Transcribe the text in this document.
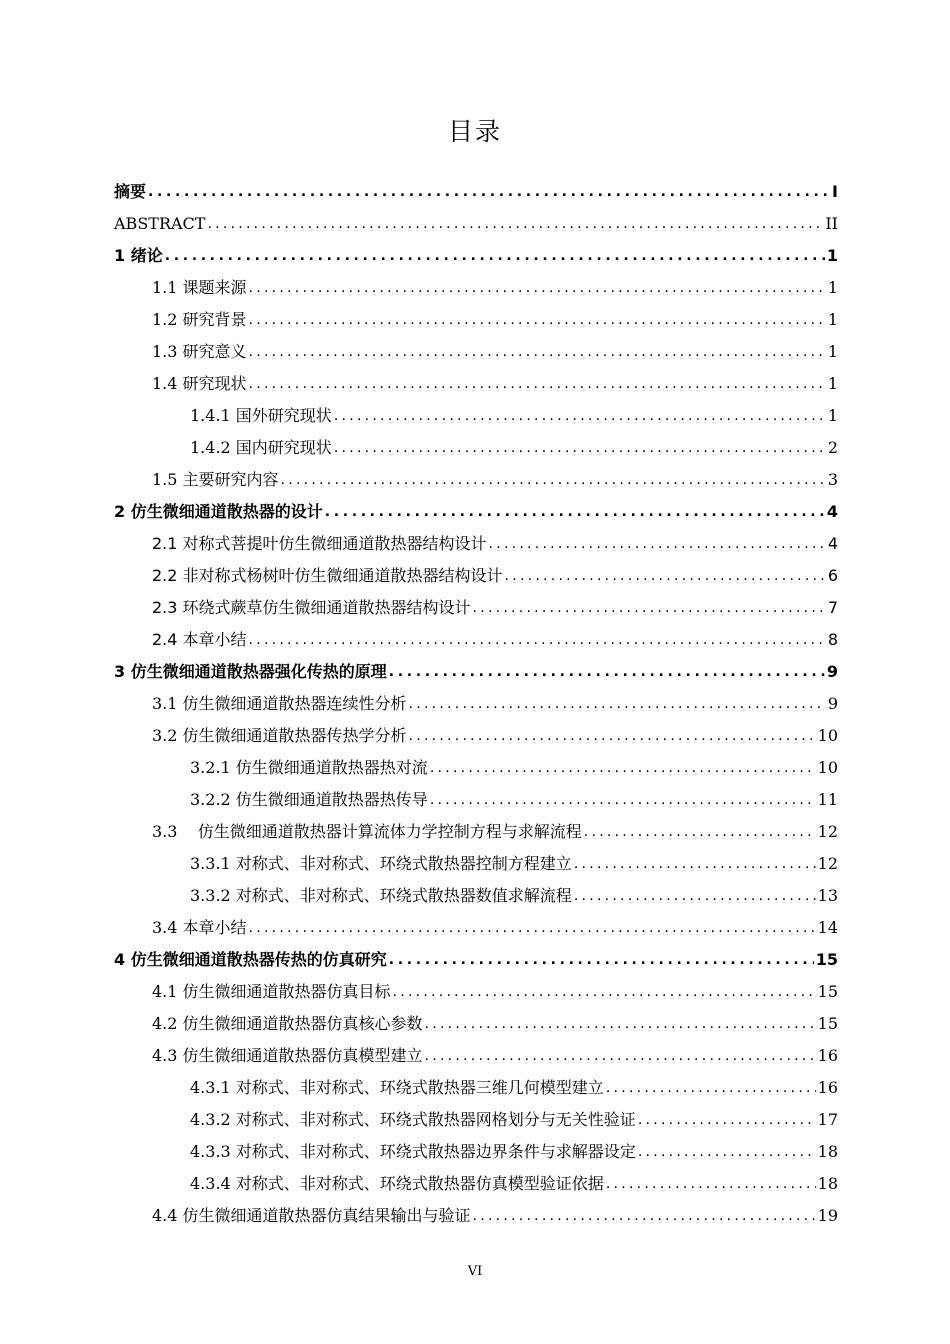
目录
摘要 . . .	I
ABSTRACT . . .	II
1 绪论 . . .	1
1.1 课题来源 . . .	1
1.2 研究背景 . . .	1
1.3 研究意义 . . .	1
1.4 研究现状 . . .	1
1.4.1 国外研究现状 . . .	1
1.4.2 国内研究现状 . . .	2
1.5 主要研究内容 . . .	3
2 仿生微细通道散热器的设计 . . .	4
2.1 对称式菩提叶仿生微细通道散热器结构设计 . . .	4
2.2 非对称式杨树叶仿生微细通道散热器结构设计 . . .	6
2.3 环绕式蕨草仿生微细通道散热器结构设计 . . .	7
2.4 本章小结 . . .	8
3 仿生微细通道散热器强化传热的原理 . . .	9
3.1 仿生微细通道散热器连续性分析 . . .	9
3.2 仿生微细通道散热器传热学分析 . . .	10
3.2.1 仿生微细通道散热器热对流 . . .	10
3.2.2 仿生微细通道散热器热传导 . . .	11
3.3    仿生微细通道散热器计算流体力学控制方程与求解流程 . . .	12
3.3.1 对称式、非对称式、环绕式散热器控制方程建立 . . .	12
3.3.2 对称式、非对称式、环绕式散热器数值求解流程 . . .	13
3.4 本章小结 . . .	14
4 仿生微细通道散热器传热的仿真研究 . . .	15
4.1 仿生微细通道散热器仿真目标 . . .	15
4.2 仿生微细通道散热器仿真核心参数 . . .	15
4.3 仿生微细通道散热器仿真模型建立 . . .	16
4.3.1 对称式、非对称式、环绕式散热器三维几何模型建立 . . .	16
4.3.2 对称式、非对称式、环绕式散热器网格划分与无关性验证 . . .	17
4.3.3 对称式、非对称式、环绕式散热器边界条件与求解器设定 . . .	18
4.3.4 对称式、非对称式、环绕式散热器仿真模型验证依据 . . .	18
4.4 仿生微细通道散热器仿真结果输出与验证 . . .	19
VI
